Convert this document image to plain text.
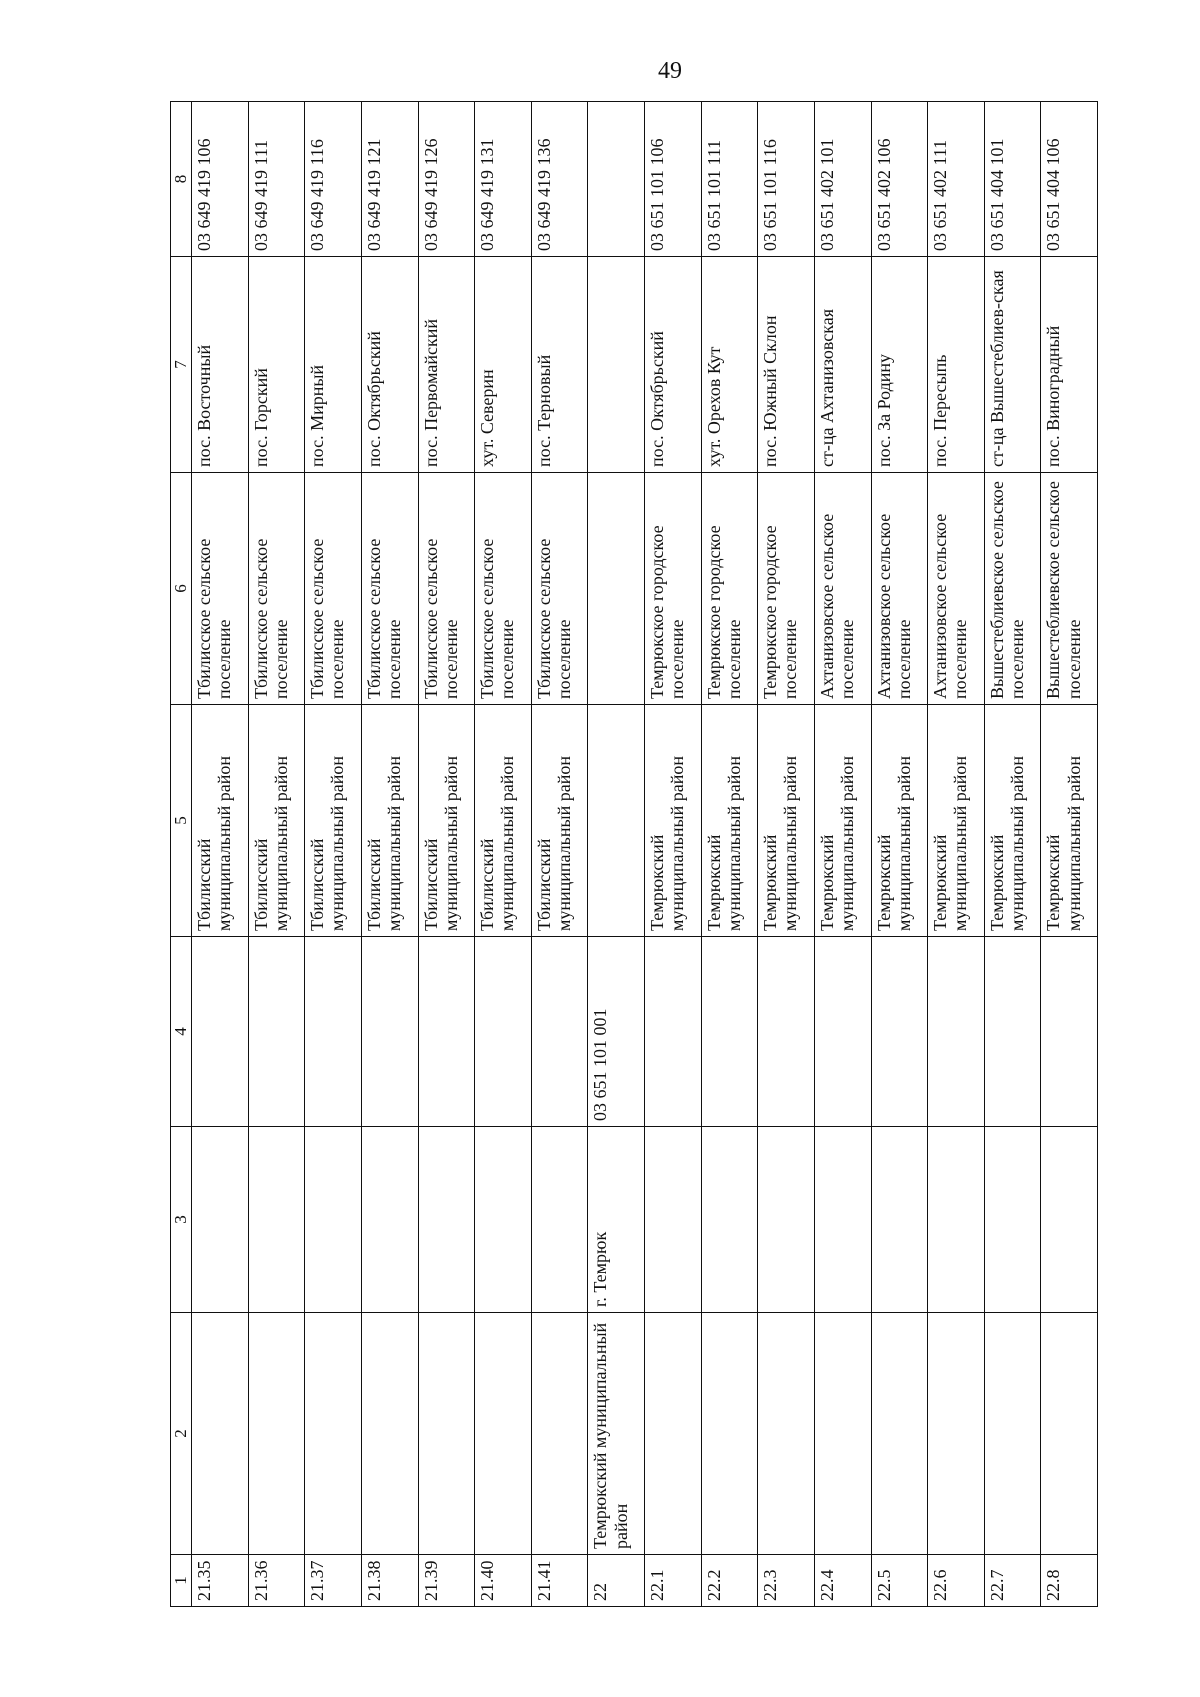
49
1	2	3	4	5	6	7	8
21.35				Тбилисский муниципальный район	Тбилисское сельское поселение	пос. Восточный	03 649 419 106
21.36				Тбилисский муниципальный район	Тбилисское сельское поселение	пос. Горский	03 649 419 111
21.37				Тбилисский муниципальный район	Тбилисское сельское поселение	пос. Мирный	03 649 419 116
21.38				Тбилисский муниципальный район	Тбилисское сельское поселение	пос. Октябрьский	03 649 419 121
21.39				Тбилисский муниципальный район	Тбилисское сельское поселение	пос. Первомайский	03 649 419 126
21.40				Тбилисский муниципальный район	Тбилисское сельское поселение	хут. Северин	03 649 419 131
21.41				Тбилисский муниципальный район	Тбилисское сельское поселение	пос. Терновый	03 649 419 136
22	Темрюкский муниципальный район	г. Темрюк	03 651 101 001				
22.1				Темрюкский муниципальный район	Темрюкское городское поселение	пос. Октябрьский	03 651 101 106
22.2				Темрюкский муниципальный район	Темрюкское городское поселение	хут. Орехов Кут	03 651 101 111
22.3				Темрюкский муниципальный район	Темрюкское городское поселение	пос. Южный Склон	03 651 101 116
22.4				Темрюкский муниципальный район	Ахтанизовское сельское поселение	ст-ца Ахтанизовская	03 651 402 101
22.5				Темрюкский муниципальный район	Ахтанизовское сельское поселение	пос. За Родину	03 651 402 106
22.6				Темрюкский муниципальный район	Ахтанизовское сельское поселение	пос. Пересыпь	03 651 402 111
22.7				Темрюкский муниципальный район	Вышестеблиевское сельское поселение	ст-ца Вышестеблиев-ская	03 651 404 101
22.8				Темрюкский муниципальный район	Вышестеблиевское сельское поселение	пос. Виноградный	03 651 404 106
